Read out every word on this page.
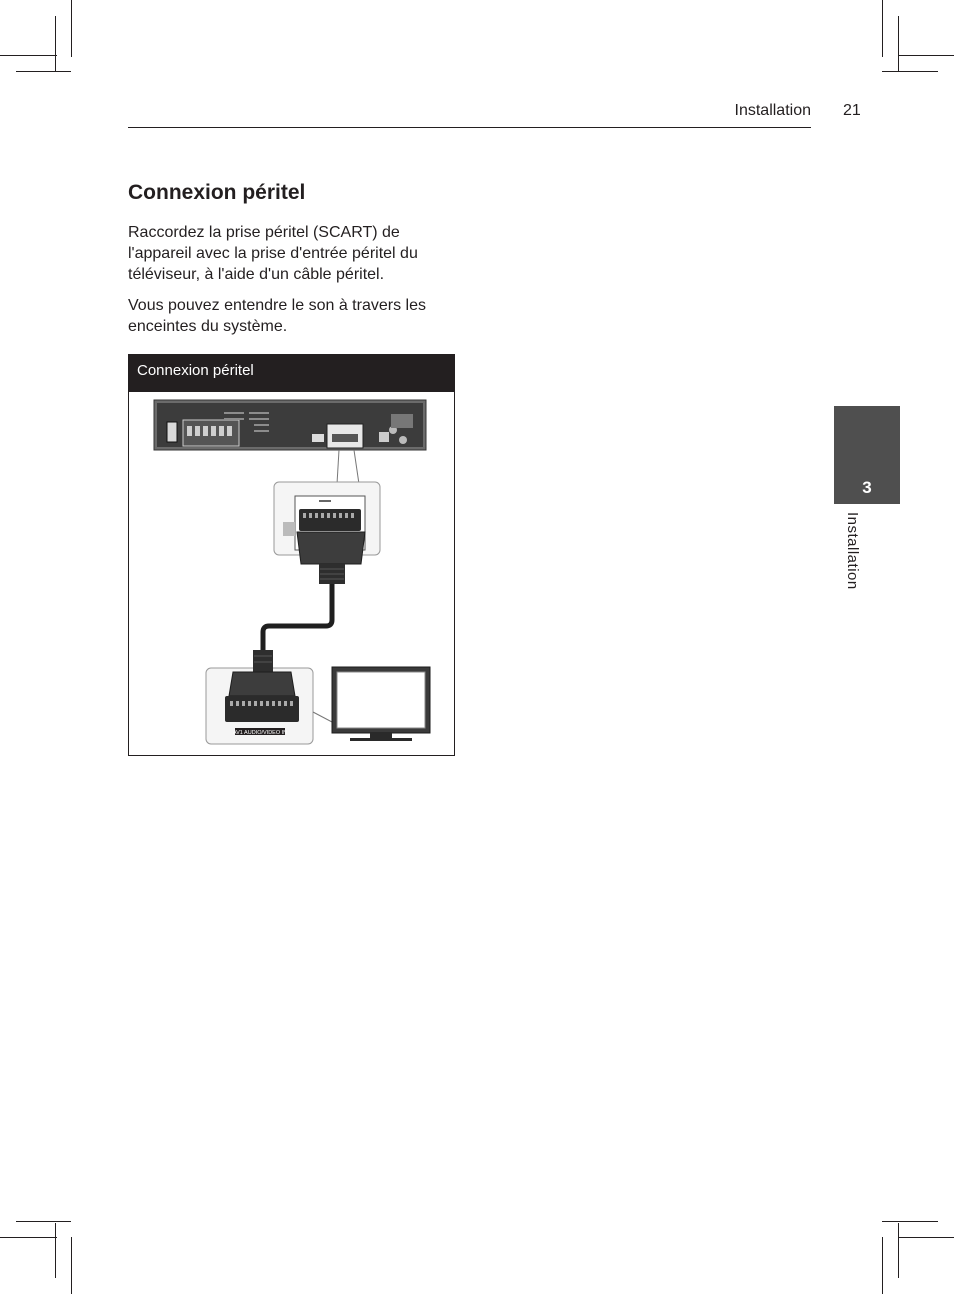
Installation 21
Connexion péritel

Raccordez la prise péritel (SCART) de l'appareil avec la prise d'entrée péritel du téléviseur, à l'aide d'un câble péritel.

Vous pouvez entendre le son à travers les enceintes du système.

Connexion péritel
AV1 AUDIO/VIDEO IN
3
Installation
